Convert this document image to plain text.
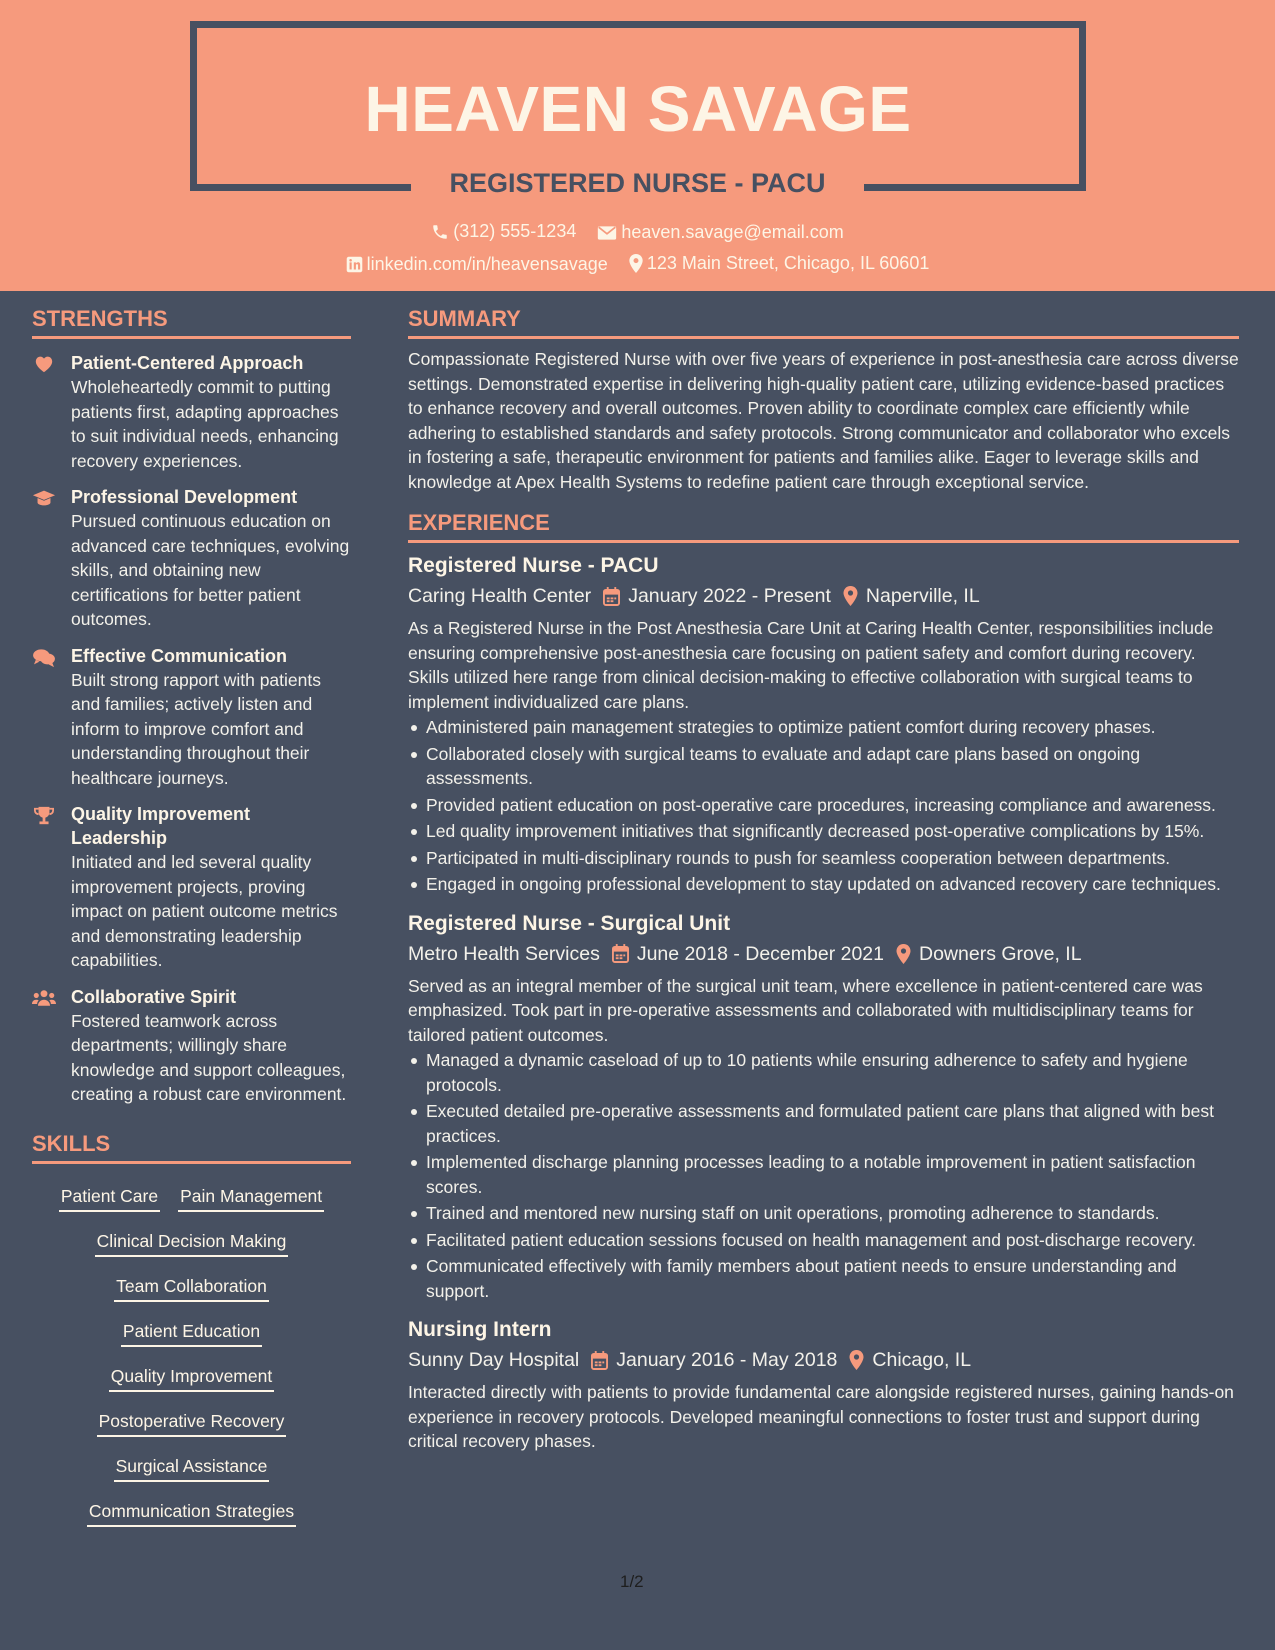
HEAVEN SAVAGE
REGISTERED NURSE - PACU
(312) 555-1234
	heaven.savage@email.com
linkedin.com/in/heavensavage
123 Main Street, Chicago, IL 60601
STRENGTHS
Patient-Centered Approach
Wholeheartedly commit to putting patients first, adapting approaches to suit individual needs, enhancing recovery experiences.
Professional Development
Pursued continuous education on advanced care techniques, evolving skills, and obtaining new certifications for better patient outcomes.
Effective Communication
Built strong rapport with patients and families; actively listen and inform to improve comfort and understanding throughout their healthcare journeys.
Quality Improvement Leadership
Initiated and led several quality improvement projects, proving impact on patient outcome metrics and demonstrating leadership capabilities.
Collaborative Spirit
Fostered teamwork across departments; willingly share knowledge and support colleagues, creating a robust care environment.
SKILLS
Patient Care Pain Management
Clinical Decision Making
Team Collaboration
Patient Education
Quality Improvement
Postoperative Recovery
Surgical Assistance
Communication Strategies
SUMMARY
Compassionate Registered Nurse with over five years of experience in post-anesthesia care across diverse settings. Demonstrated expertise in delivering high-quality patient care, utilizing evidence-based practices to enhance recovery and overall outcomes. Proven ability to coordinate complex care efficiently while adhering to established standards and safety protocols. Strong communicator and collaborator who excels in fostering a safe, therapeutic environment for patients and families alike. Eager to leverage skills and knowledge at Apex Health Systems to redefine patient care through exceptional service.
EXPERIENCE
Registered Nurse - PACU
Caring Health Center January 2022 - Present Naperville, IL
As a Registered Nurse in the Post Anesthesia Care Unit at Caring Health Center, responsibilities include ensuring comprehensive post-anesthesia care focusing on patient safety and comfort during recovery. Skills utilized here range from clinical decision-making to effective collaboration with surgical teams to implement individualized care plans.
Administered pain management strategies to optimize patient comfort during recovery phases.
Collaborated closely with surgical teams to evaluate and adapt care plans based on ongoing assessments.
Provided patient education on post-operative care procedures, increasing compliance and awareness.
Led quality improvement initiatives that significantly decreased post-operative complications by 15%.
Participated in multi-disciplinary rounds to push for seamless cooperation between departments.
Engaged in ongoing professional development to stay updated on advanced recovery care techniques.
Registered Nurse - Surgical Unit
Metro Health Services June 2018 - December 2021 Downers Grove, IL
Served as an integral member of the surgical unit team, where excellence in patient-centered care was emphasized. Took part in pre-operative assessments and collaborated with multidisciplinary teams for tailored patient outcomes.
Managed a dynamic caseload of up to 10 patients while ensuring adherence to safety and hygiene protocols.
Executed detailed pre-operative assessments and formulated patient care plans that aligned with best practices.
Implemented discharge planning processes leading to a notable improvement in patient satisfaction scores.
Trained and mentored new nursing staff on unit operations, promoting adherence to standards.
Facilitated patient education sessions focused on health management and post-discharge recovery.
Communicated effectively with family members about patient needs to ensure understanding and support.
Nursing Intern
Sunny Day Hospital January 2016 - May 2018 Chicago, IL
Interacted directly with patients to provide fundamental care alongside registered nurses, gaining hands-on experience in recovery protocols. Developed meaningful connections to foster trust and support during critical recovery phases.
1/2
